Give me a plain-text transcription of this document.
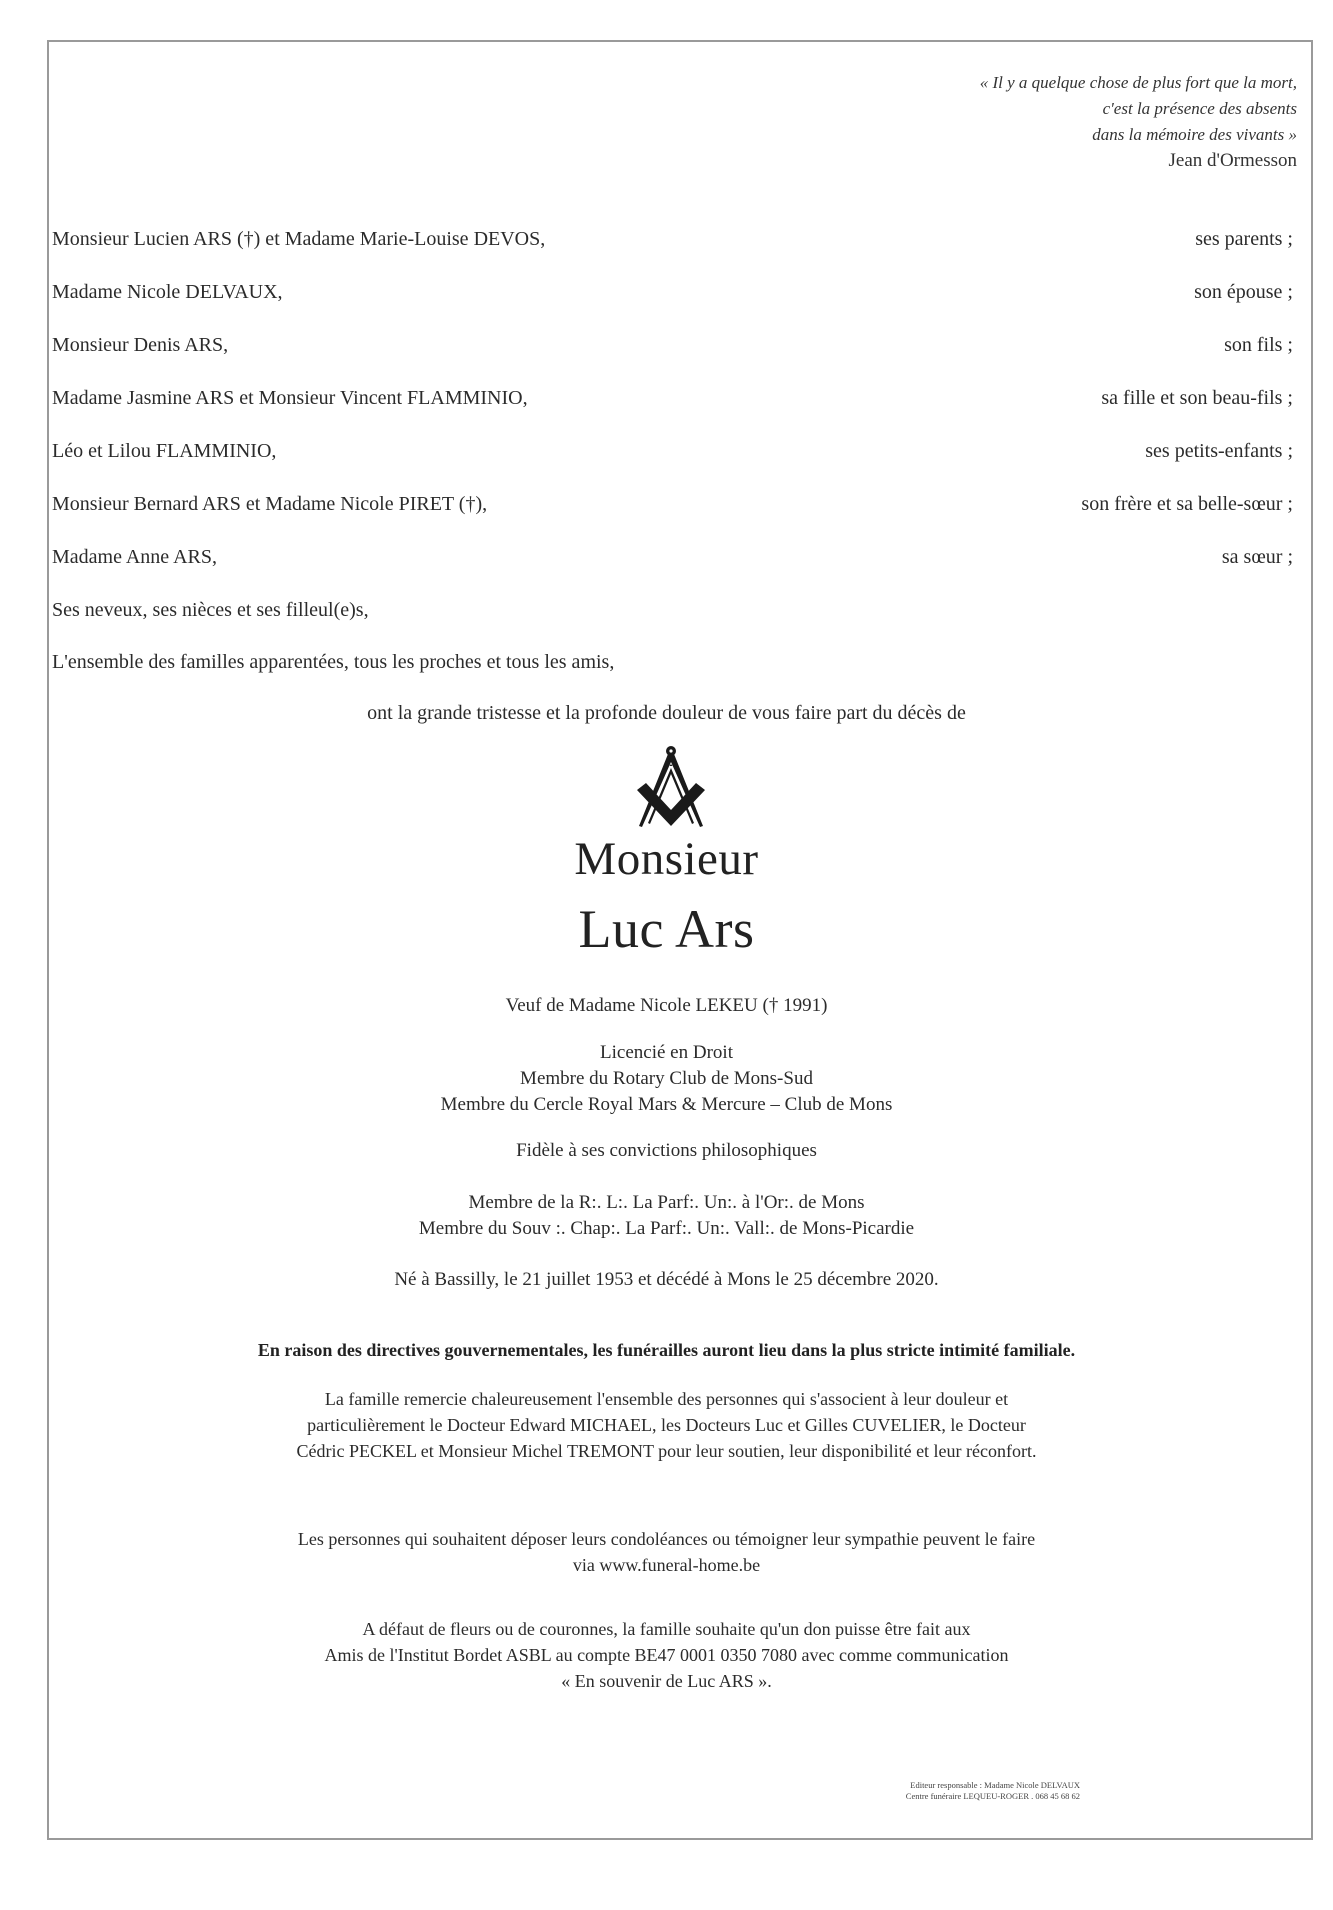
« Il y a quelque chose de plus fort que la mort,
c'est la présence des absents
dans la mémoire des vivants »
Jean d'Ormesson
Monsieur Lucien ARS (†) et Madame Marie-Louise DEVOS,	ses parents ;
Madame Nicole DELVAUX,	son épouse ;
Monsieur Denis ARS,	son fils ;
Madame Jasmine ARS et Monsieur Vincent FLAMMINIO,	sa fille et son beau-fils ;
Léo et Lilou FLAMMINIO,	ses petits-enfants ;
Monsieur Bernard ARS et Madame Nicole PIRET (†),	son frère et sa belle-sœur ;
Madame Anne ARS,	sa sœur ;
Ses neveux, ses nièces et ses filleul(e)s,
L'ensemble des familles apparentées, tous les proches et tous les amis,
ont la grande tristesse et la profonde douleur de vous faire part du décès de
Monsieur
Luc Ars
Veuf de Madame Nicole LEKEU († 1991)
Licencié en Droit
Membre du Rotary Club de Mons-Sud
Membre du Cercle Royal Mars & Mercure – Club de Mons
Fidèle à ses convictions philosophiques
Membre de la R:. L:. La Parf:. Un:. à l'Or:. de Mons
Membre du Souv :. Chap:. La Parf:. Un:. Vall:. de Mons-Picardie
Né à Bassilly, le 21 juillet 1953 et décédé à Mons le 25 décembre 2020.
En raison des directives gouvernementales, les funérailles auront lieu dans la plus stricte intimité familiale.
La famille remercie chaleureusement l'ensemble des personnes qui s'associent à leur douleur et
particulièrement le Docteur Edward MICHAEL, les Docteurs Luc et Gilles CUVELIER, le Docteur
Cédric PECKEL et Monsieur Michel TREMONT pour leur soutien, leur disponibilité et leur réconfort.
Les personnes qui souhaitent déposer leurs condoléances ou témoigner leur sympathie peuvent le faire
via www.funeral-home.be
A défaut de fleurs ou de couronnes, la famille souhaite qu'un don puisse être fait aux
Amis de l'Institut Bordet ASBL au compte BE47 0001 0350 7080 avec comme communication
« En souvenir de Luc ARS ».
Editeur responsable : Madame Nicole DELVAUX
Centre funéraire LEQUEU-ROGER . 068 45 68 62
